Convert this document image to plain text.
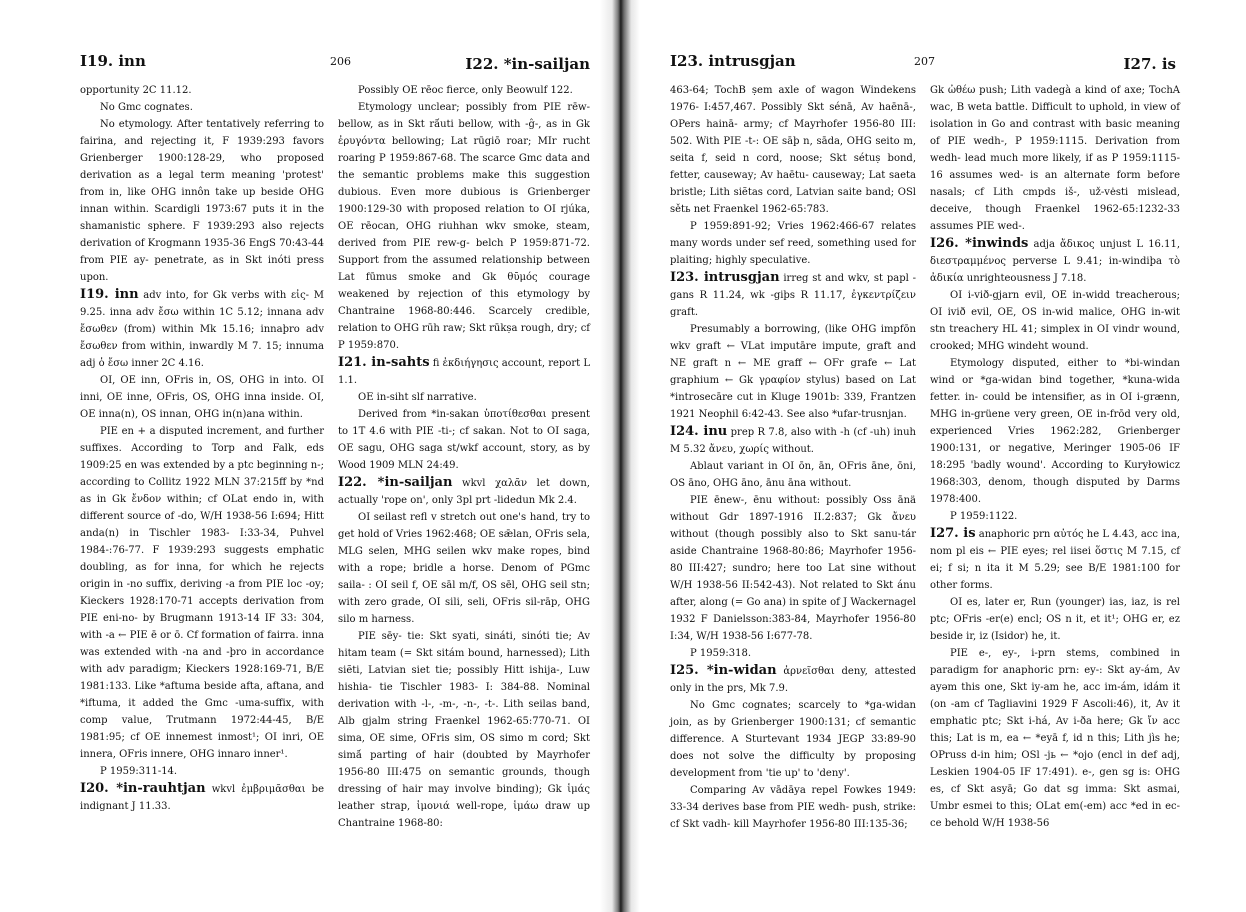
I19. inn	206	I22. *in-sailjan

opportunity 2C 11.12.

No Gmc cognates.

No etymology. After tentatively referring to fairina, and rejecting it, F 1939:293 favors Grienberger 1900:128-29, who proposed derivation as a legal term meaning 'protest' from in, like OHG innôn take up beside OHG innan within. Scardigli 1973:67 puts it in the shamanistic sphere. F 1939:293 also rejects derivation of Krogmann 1935-36 EngS 70:43-44 from PIE ay- penetrate, as in Skt inóti press upon.

I19. inn adv into, for Gk verbs with εἰς- M 9.25. inna adv ἔσω within 1C 5.12; innana adv ἔσωθεν (from) within Mk 15.16; innaþro adv ἔσωθεν from within, inwardly M 7. 15; innuma adj ὁ ἔσω inner 2C 4.16.

OI, OE inn, OFris in, OS, OHG in into. OI inni, OE inne, OFris, OS, OHG inna inside. OI, OE inna(n), OS innan, OHG in(n)ana within.

PIE en + a disputed increment, and further suffixes. According to Torp and Falk, eds 1909:25 en was extended by a ptc beginning n-; according to Collitz 1922 MLN 37:215ff by *nd as in Gk ἔνδον within; cf OLat endo in, with different source of -do, W/H 1938-56 I:694; Hitt anda(n) in Tischler 1983- I:33-34, Puhvel 1984-:76-77. F 1939:293 suggests emphatic doubling, as for inna, for which he rejects origin in -no suffix, deriving -a from PIE loc -oy; Kieckers 1928:170-71 accepts derivation from PIE eni-no- by Brugmann 1913-14 IF 33: 304, with -a ← PIE ē or ō. Cf formation of fairra. inna was extended with -na and -þro in accordance with adv paradigm; Kieckers 1928:169-71, B/E 1981:133. Like *aftuma beside afta, aftana, and *iftuma, it added the Gmc -uma-suffix, with comp value, Trutmann 1972:44-45, B/E 1981:95; cf OE innemest inmost¹; OI inri, OE innera, OFris innere, OHG innaro inner¹.

P 1959:311-14.

I20. *in-rauhtjan wkvl ἐμβριμᾶσθαι be indignant J 11.33.

Possibly OE rēoc fierce, only Beowulf 122.

Etymology unclear; possibly from PIE rēw- bellow, as in Skt rā́uti bellow, with -ĝ-, as in Gk ἐρυγόντα bellowing; Lat rūgiō roar; MIr rucht roaring P 1959:867-68. The scarce Gmc data and the semantic problems make this suggestion dubious. Even more dubious is Grienberger 1900:129-30 with proposed relation to OI rjúka, OE rēocan, OHG riuhhan wkv smoke, steam, derived from PIE rew-g- belch P 1959:871-72. Support from the assumed relationship between Lat fūmus smoke and Gk θῡμός courage weakened by rejection of this etymology by Chantraine 1968-80:446. Scarcely credible, relation to OHG rūh raw; Skt rūkṣa rough, dry; cf P 1959:870.

I21. in-sahts fi ἐκδιήγησις account, report L 1.1.

OE in-siht slf narrative.

Derived from *in-sakan ὑποτίθεσθαι present to 1T 4.6 with PIE -ti-; cf sakan. Not to OI saga, OE sagu, OHG saga st/wkf account, story, as by Wood 1909 MLN 24:49.

I22. *in-sailjan wkvl χαλᾶν let down, actually 'rope on', only 3pl prt -lidedun Mk 2.4.

OI seilast refl v stretch out one's hand, try to get hold of Vries 1962:468; OE sǣlan, OFris sela, MLG selen, MHG seilen wkv make ropes, bind with a rope; bridle a horse. Denom of PGmc saila- : OI seil f, OE sāl m/f, OS sēl, OHG seil stn; with zero grade, OI sili, seli, OFris sil-rāp, OHG silo m harness.

PIE sēy- tie: Skt syati, sináti, sinóti tie; Av hitam team (= Skt sitám bound, harnessed); Lith siẽti, Latvian siet tie; possibly Hitt ishija-, Luw hishia- tie Tischler 1983- I: 384-88. Nominal derivation with -l-, -m-, -n-, -t-. Lith seilas band, Alb gjalm string Fraenkel 1962-65:770-71. OI sima, OE sime, OFris sim, OS simo m cord; Skt simā́ parting of hair (doubted by Mayrhofer 1956-80 III:475 on semantic grounds, though dressing of hair may involve binding); Gk ἱμάς leather strap, ἱμονιά well-rope, ἱμάω draw up Chantraine 1968-80:

I23. intrusgjan	207	I27. is

463-64; TochB ṣem axle of wagon Windekens 1976- I:457,467. Possibly Skt sénā, Av haēnā-, OPers hainā- army; cf Mayrhofer 1956-80 III: 502. With PIE -t-: OE sāþ n, sāda, OHG seito m, seita f, seid n cord, noose; Skt sétuṣ bond, fetter, causeway; Av haētu- causeway; Lat saeta bristle; Lith siẽtas cord, Latvian saite band; OSl sětь net Fraenkel 1962-65:783.

P 1959:891-92; Vries 1962:466-67 relates many words under sef reed, something used for plaiting; highly speculative.

I23. intrusgjan irreg st and wkv, st papl -gans R 11.24, wk -giþs R 11.17, ἐγκεντρίζειν graft.

Presumably a borrowing, (like OHG impfōn wkv graft ← VLat imputāre impute, graft and NE graft n ← ME graff ← OFr grafe ← Lat graphium ← Gk γραφίον stylus) based on Lat *introsecāre cut in Kluge 1901b: 339, Frantzen 1921 Neophil 6:42-43. See also *ufar-trusnjan.

I24. inu prep R 7.8, also with -h (cf -uh) inuh M 5.32 ἄνευ, χωρίς without.

Ablaut variant in OI ōn, ān, OFris āne, ōni, OS āno, OHG āno, ānu āna without.

PIE ēnew-, ēnu without: possibly Oss ānä without Gdr 1897-1916 II.2:837; Gk ἄνευ without (though possibly also to Skt sanu-tár aside Chantraine 1968-80:86; Mayrhofer 1956-80 III:427; sundro; here too Lat sine without W/H 1938-56 II:542-43). Not related to Skt ánu after, along (= Go ana) in spite of J Wackernagel 1932 F Danielsson:383-84, Mayrhofer 1956-80 I:34, W/H 1938-56 I:677-78.

P 1959:318.

I25. *in-widan ἀρνεῖσθαι deny, attested only in the prs, Mk 7.9.

No Gmc cognates; scarcely to *ga-widan join, as by Grienberger 1900:131; cf semantic difference. A Sturtevant 1934 JEGP 33:89-90 does not solve the difficulty by proposing development from 'tie up' to 'deny'.

Comparing Av vādāya repel Fowkes 1949: 33-34 derives base from PIE wedh- push, strike: cf Skt vadh- kill Mayrhofer 1956-80 III:135-36;

Gk ὠθέω push; Lith vadegà a kind of axe; TochA wac, B weta battle. Difficult to uphold, in view of isolation in Go and contrast with basic meaning of PIE wedh-, P 1959:1115. Derivation from wedh- lead much more likely, if as P 1959:1115-16 assumes wed- is an alternate form before nasals; cf Lith cmpds iš-, už-vėsti mislead, deceive, though Fraenkel 1962-65:1232-33 assumes PIE wed-.

I26. *inwinds adja ἄδικος unjust L 16.11, διεστραμμένος perverse L 9.41; in-windiþa τὸ ἀδικία unrighteousness J 7.18.

OI i-við-gjarn evil, OE in-widd treacherous; OI ivið evil, OE, OS in-wid malice, OHG in-wit stn treachery HL 41; simplex in OI vindr wound, crooked; MHG windeht wound.

Etymology disputed, either to *bi-windan wind or *ga-widan bind together, *kuna-wida fetter. in- could be intensifier, as in OI i-grænn, MHG in-grüene very green, OE in-frōd very old, experienced Vries 1962:282, Grienberger 1900:131, or negative, Meringer 1905-06 IF 18:295 'badly wound'. According to Kuryłowicz 1968:303, denom, though disputed by Darms 1978:400.

P 1959:1122.

I27. is anaphoric prn αὐτός he L 4.43, acc ina, nom pl eis ← PIE eyes; rel iisei ὅστις M 7.15, cf ei; f si; n ita it M 5.29; see B/E 1981:100 for other forms.

OI es, later er, Run (younger) ias, iaz, is rel ptc; OFris -er(e) encl; OS n it, et it¹; OHG er, ez beside ir, iz (Isidor) he, it.

PIE e-, ey-, i-prn stems, combined in paradigm for anaphoric prn: ey-: Skt ay-ám, Av ayəm this one, Skt iy-am he, acc im-ám, idám it (on -am cf Tagliavini 1929 F Ascoli:46), it, Av it emphatic ptc; Skt i-há, Av i-ða here; Gk ἴν acc this; Lat is m, ea ← *eyā f, id n this; Lith jìs he; OPruss d-in him; OSl -jь ← *ojo (encl in def adj, Leskien 1904-05 IF 17:491). e-, gen sg is: OHG es, cf Skt asyā; Go dat sg imma: Skt asmai, Umbr esmei to this; OLat em(-em) acc *ed in ec-ce behold W/H 1938-56
